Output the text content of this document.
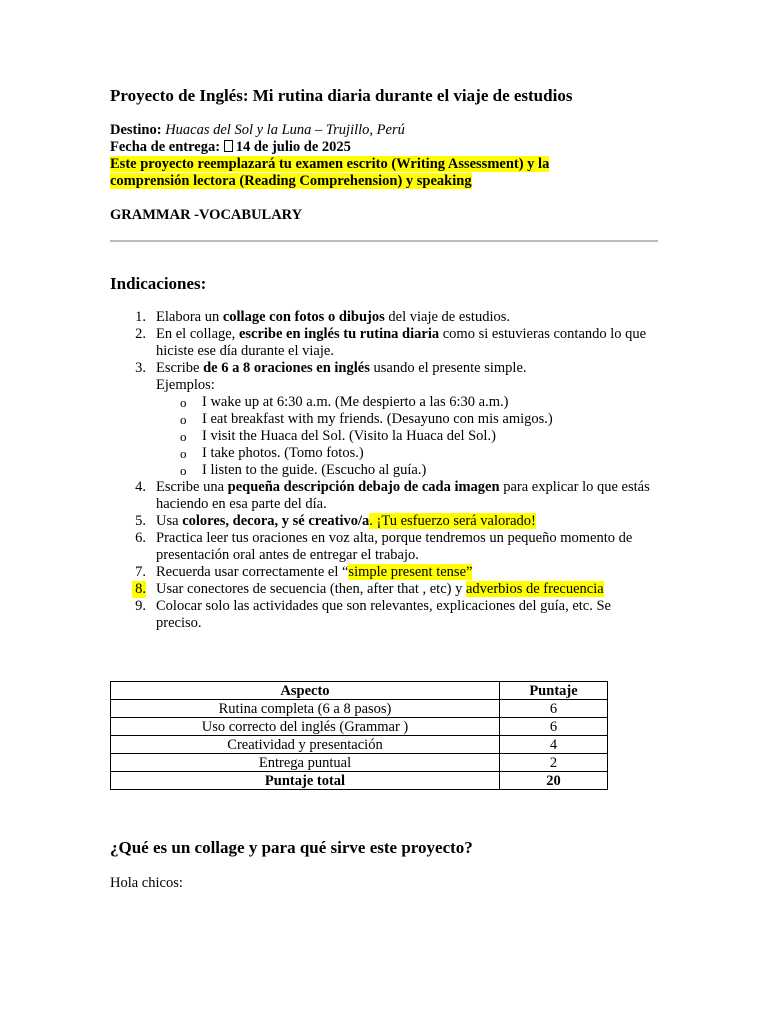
Proyecto de Inglés: Mi rutina diaria durante el viaje de estudios
Destino: Huacas del Sol y la Luna – Trujillo, Perú
Fecha de entrega: 14 de julio de 2025
Este proyecto reemplazará tu examen escrito (Writing Assessment) y la
comprensión lectora (Reading Comprehension) y speaking
GRAMMAR -VOCABULARY
Indicaciones:
1. Elabora un collage con fotos o dibujos del viaje de estudios.
2. En el collage, escribe en inglés tu rutina diaria como si estuvieras contando lo que hiciste ese día durante el viaje.
3. Escribe de 6 a 8 oraciones en inglés usando el presente simple.
Ejemplos:
o I wake up at 6:30 a.m. (Me despierto a las 6:30 a.m.)
o I eat breakfast with my friends. (Desayuno con mis amigos.)
o I visit the Huaca del Sol. (Visito la Huaca del Sol.)
o I take photos. (Tomo fotos.)
o I listen to the guide. (Escucho al guía.)
4. Escribe una pequeña descripción debajo de cada imagen para explicar lo que estás haciendo en esa parte del día.
5. Usa colores, decora, y sé creativo/a. ¡Tu esfuerzo será valorado!
6. Practica leer tus oraciones en voz alta, porque tendremos un pequeño momento de presentación oral antes de entregar el trabajo.
7. Recuerda usar correctamente el “simple present tense”
8. Usar conectores de secuencia (then, after that , etc) y adverbios de frecuencia
9. Colocar solo las actividades que son relevantes, explicaciones del guía, etc. Se preciso.
Aspecto	Puntaje
Rutina completa (6 a 8 pasos)	6
Uso correcto del inglés (Grammar )	6
Creatividad y presentación	4
Entrega puntual	2
Puntaje total	20
¿Qué es un collage y para qué sirve este proyecto?
Hola chicos:
